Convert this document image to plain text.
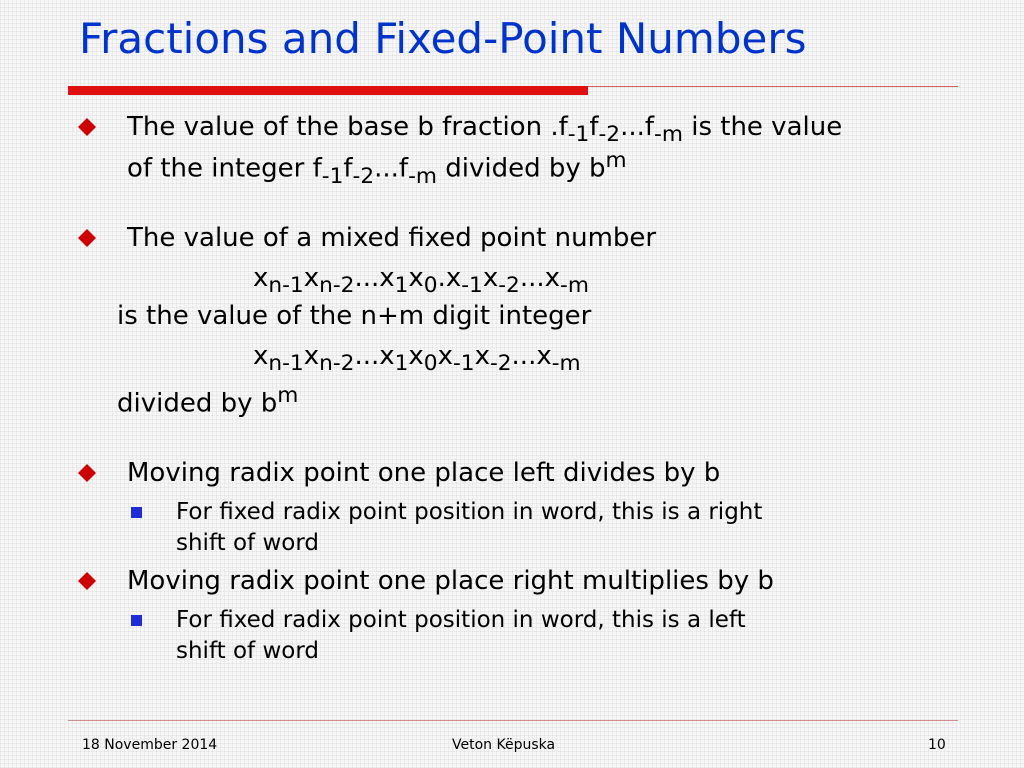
Fractions and Fixed-Point Numbers
The value of the base b fraction $.f_{-1}f_{-2}...f_{-m}$ is the value
of the integer $f_{-1}f_{-2}...f_{-m}$ divided by $b^m$
The value of a mixed fixed point number
$x_{n-1}x_{n-2}...x_1x_0.x_{-1}x_{-2}...x_{-m}$
is the value of the n+m digit integer
$x_{n-1}x_{n-2}...x_1x_0x_{-1}x_{-2}...x_{-m}$
divided by $b^m$
Moving radix point one place left divides by b
For fixed radix point position in word, this is a right
shift of word
Moving radix point one place right multiplies by b
For fixed radix point position in word, this is a left
shift of word
18 November 2014	Veton Këpuska	10
